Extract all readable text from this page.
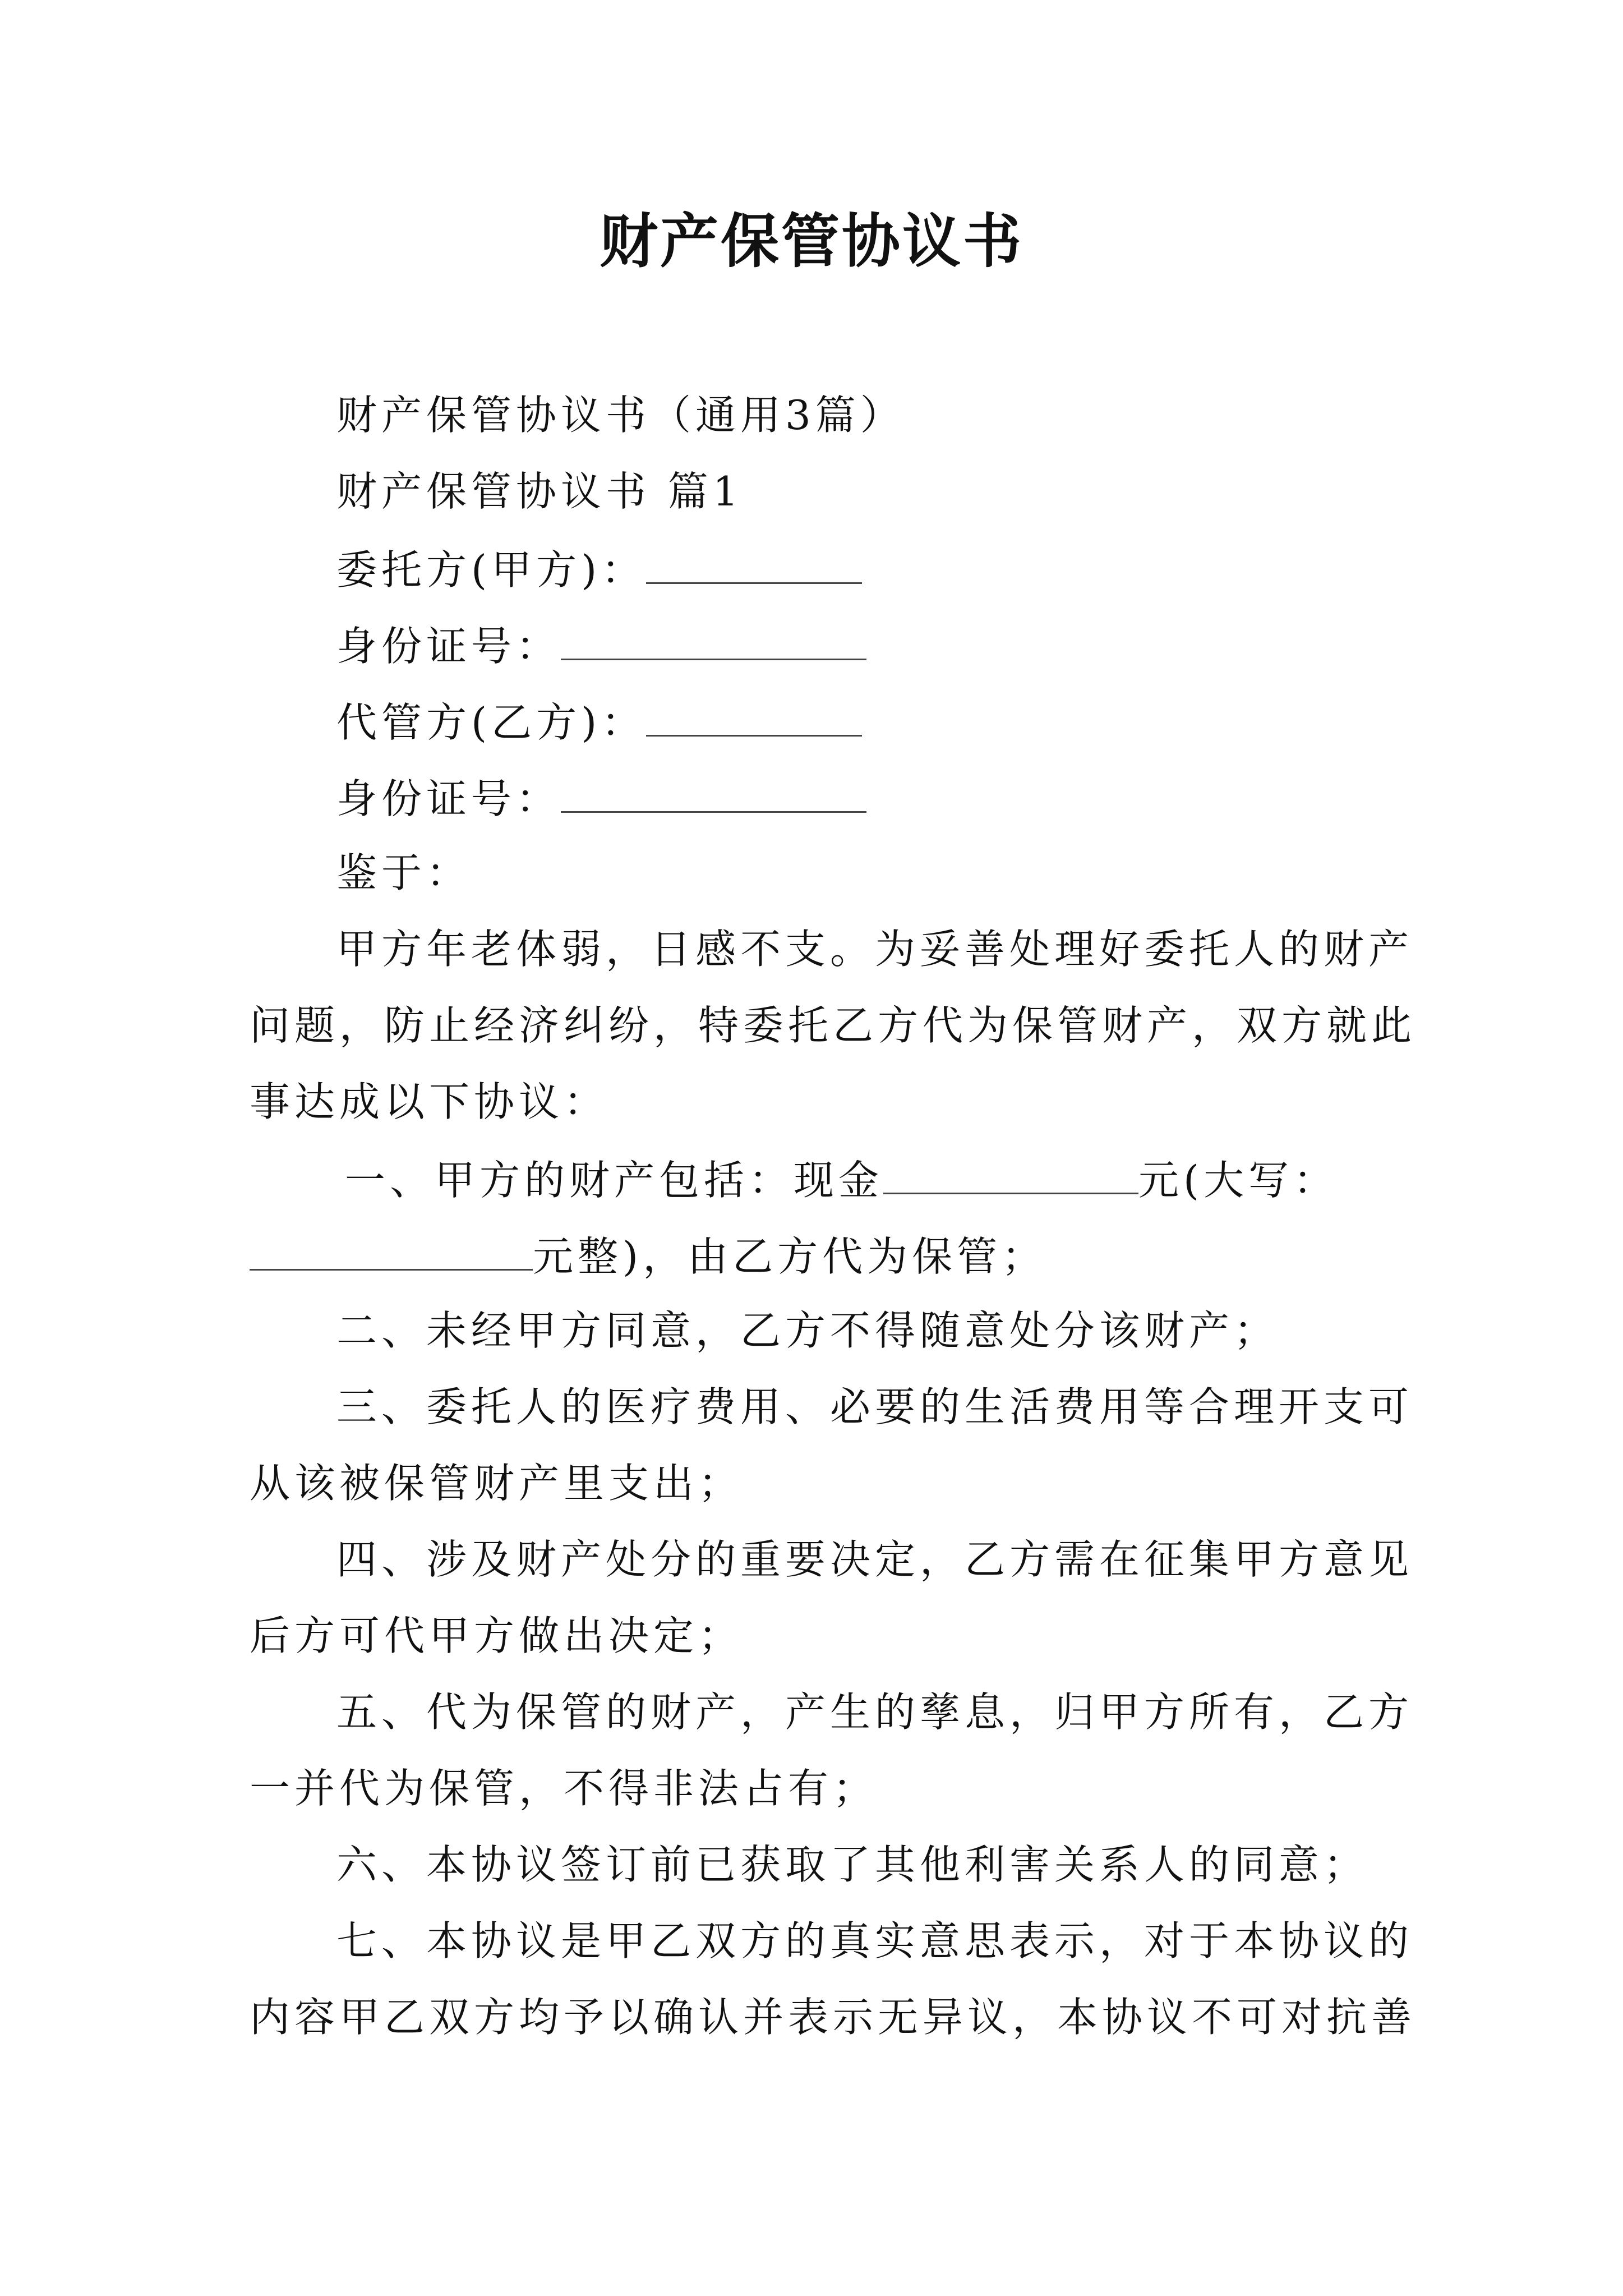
财产保管协议书
财产保管协议书（通用3篇）
财产保管协议书 篇1
委托方(甲方)：
身份证号：
代管方(乙方)：
身份证号：
鉴于：
甲方年老体弱，日感不支。为妥善处理好委托人的财产
问题，防止经济纠纷，特委托乙方代为保管财产，双方就此
事达成以下协议：
一、甲方的财产包括：现金	元(大写：
元整)，由乙方代为保管；
二、未经甲方同意，乙方不得随意处分该财产；
三、委托人的医疗费用、必要的生活费用等合理开支可
从该被保管财产里支出；
四、涉及财产处分的重要决定，乙方需在征集甲方意见
后方可代甲方做出决定；
五、代为保管的财产，产生的孳息，归甲方所有，乙方
一并代为保管，不得非法占有；
六、本协议签订前已获取了其他利害关系人的同意；
七、本协议是甲乙双方的真实意思表示，对于本协议的
内容甲乙双方均予以确认并表示无异议，本协议不可对抗善
